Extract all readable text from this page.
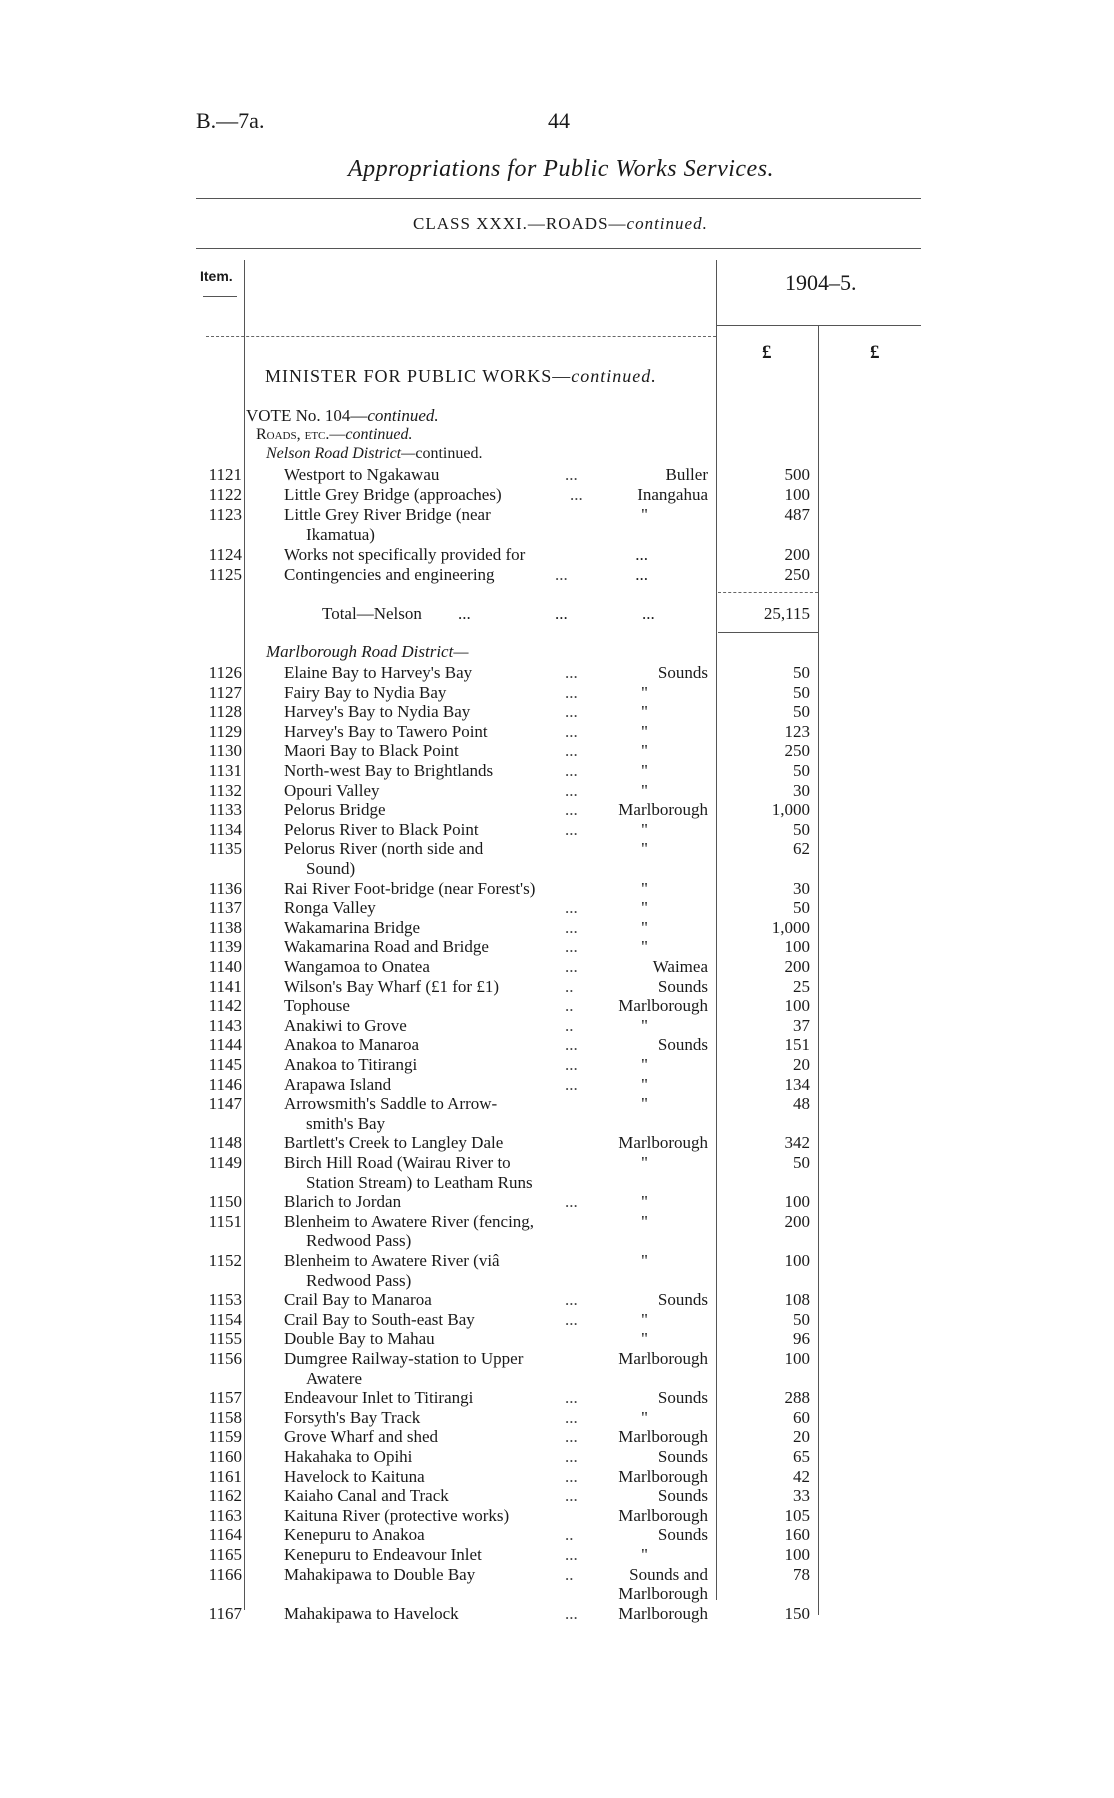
B.—7a.	44
Appropriations for Public Works Services.
CLASS XXXI.—ROADS—continued.
Item.	1904–5.
£	£
MINISTER FOR PUBLIC WORKS—continued.
VOTE No. 104—continued.
Roads, etc.—continued.
Nelson Road District—continued.
1121 Westport to Ngakawau	...	Buller	500
1122 Little Grey Bridge (approaches)	...	Inangahua	100
1123 Little Grey River Bridge (near	"	487
Ikamatua)
1124 Works not specifically provided for	...	200
1125 Contingencies and engineering	...	...	250
Total—Nelson ...	...	...	25,115
Marlborough Road District—
1126 Elaine Bay to Harvey's Bay	...	Sounds	50
1127 Fairy Bay to Nydia Bay	...	"	50
1128 Harvey's Bay to Nydia Bay	...	"	50
1129 Harvey's Bay to Tawero Point	...	"	123
1130 Maori Bay to Black Point	...	"	250
1131 North-west Bay to Brightlands	...	"	50
1132 Opouri Valley	...	"	30
1133 Pelorus Bridge	...	Marlborough	1,000
1134 Pelorus River to Black Point	...	"	50
1135 Pelorus River (north side and	"	62
Sound)
1136 Rai River Foot-bridge (near Forest's)	"	30
1137 Ronga Valley	...	"	50
1138 Wakamarina Bridge	...	"	1,000
1139 Wakamarina Road and Bridge	...	"	100
1140 Wangamoa to Onatea	...	Waimea	200
1141 Wilson's Bay Wharf (£1 for £1)	..	Sounds	25
1142 Tophouse	..	Marlborough	100
1143 Anakiwi to Grove	..	"	37
1144 Anakoa to Manaroa	...	Sounds	151
1145 Anakoa to Titirangi	...	"	20
1146 Arapawa Island	...	"	134
1147 Arrowsmith's Saddle to Arrow-	"	48
smith's Bay
1148 Bartlett's Creek to Langley Dale	Marlborough	342
1149 Birch Hill Road (Wairau River to	"	50
Station Stream) to Leatham Runs
1150 Blarich to Jordan	...	"	100
1151 Blenheim to Awatere River (fencing,	"	200
Redwood Pass)
1152 Blenheim to Awatere River (viâ	"	100
Redwood Pass)
1153 Crail Bay to Manaroa	...	Sounds	108
1154 Crail Bay to South-east Bay	...	"	50
1155 Double Bay to Mahau	"	96
1156 Dumgree Railway-station to Upper	Marlborough	100
Awatere
1157 Endeavour Inlet to Titirangi	...	Sounds	288
1158 Forsyth's Bay Track	...	"	60
1159 Grove Wharf and shed	...	Marlborough	20
1160 Hakahaka to Opihi	...	Sounds	65
1161 Havelock to Kaituna	...	Marlborough	42
1162 Kaiaho Canal and Track	...	Sounds	33
1163 Kaituna River (protective works)	Marlborough	105
1164 Kenepuru to Anakoa	..	Sounds	160
1165 Kenepuru to Endeavour Inlet	...	"	100
1166 Mahakipawa to Double Bay	..	Sounds and	78
Marlborough
1167 Mahakipawa to Havelock	...	Marlborough	150
